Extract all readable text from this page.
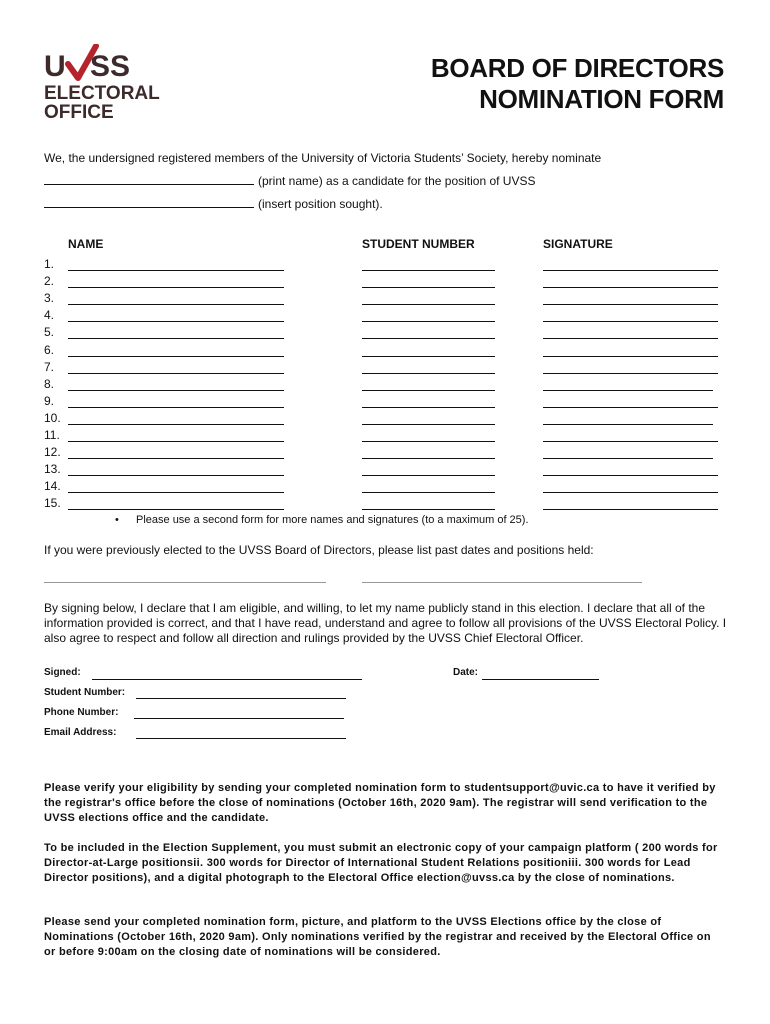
U SS
ELECTORAL
OFFICE
BOARD OF DIRECTORS
NOMINATION FORM
We, the undersigned registered members of the University of Victoria Students’ Society, hereby nominate
(print name) as a candidate for the position of UVSS
(insert position sought).
NAME	STUDENT NUMBER	SIGNATURE
1.
2.
3.
4.
5.
6.
7.
8.
9.
10.
11.
12.
13.
14.
15.
• Please use a second form for more names and signatures (to a maximum of 25).
If you were previously elected to the UVSS Board of Directors, please list past dates and positions held:
By signing below, I declare that I am eligible, and willing, to let my name publicly stand in this election. I declare that all of the information provided is correct, and that I have read, understand and agree to follow all provisions of the UVSS Electoral Policy. I also agree to respect and follow all direction and rulings provided by the UVSS Chief Electoral Officer.
Signed:	Date:
Student Number:
Phone Number:
Email Address:
Please verify your eligibility by sending your completed nomination form to studentsupport@uvic.ca to have it verified by the registrar's office before the close of nominations (October 16th, 2020 9am). The registrar will send verification to the UVSS elections office and the candidate.
To be included in the Election Supplement, you must submit an electronic copy of your campaign platform ( 200 words for Director-at-Large positionsii. 300 words for Director of International Student Relations positioniii. 300 words for Lead Director positions), and a digital photograph to the Electoral Office election@uvss.ca by the close of nominations.
Please send your completed nomination form, picture, and platform to the UVSS Elections office by the close of Nominations (October 16th, 2020 9am). Only nominations verified by the registrar and received by the Electoral Office on or before 9:00am on the closing date of nominations will be considered.
